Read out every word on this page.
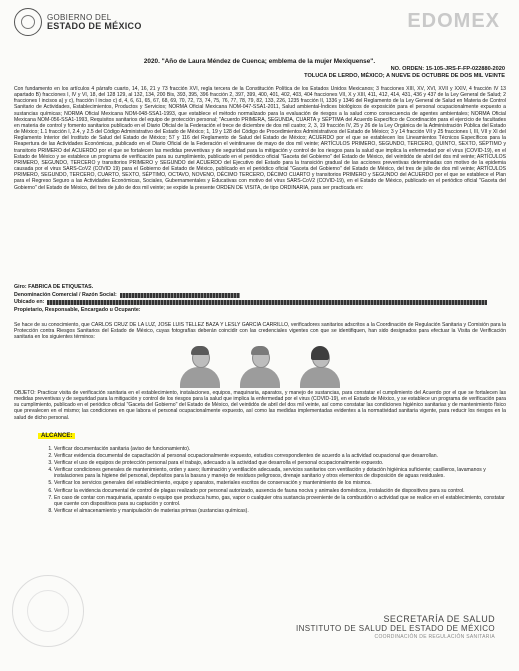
GOBIERNO DEL
ESTADO DE MÉXICO	EDOMEX
2020. "Año de Laura Méndez de Cuenca; emblema de la mujer Mexiquense".
NO. ORDEN: 15-105-JRS-F-FP-022880-2020
TOLUCA DE LERDO, MÉXICO; A NUEVE DE OCTUBRE DE DOS MIL VEINTE
Con fundamento en los artículos 4 párrafo cuarto, 14, 16, 21 y 73 fracción XVI, regla tercera de la Constitución Política de los Estados Unidos Mexicanos; 3 fracciones XIII, XV, XVI, XVII y XXIV, 4 fracción IV 13 apartado B) fracciones I, IV y VI, 18, del 128 129, al 132, 134, 200 Bis, 393, 395, 396 fracción 2, 397, 399, 400, 401, 402, 403, 404 fracciones VII, X y XIII, 411, 412, 414, 431, 436 y 437 de la Ley General de Salud; 2 fracciones I incisos a) y c), fracción I inciso c) d, 4, 6, 61, 65, 67, 68, 69, 70, 72, 73, 74, 75, 76, 77, 78, 79, 82, 133, 226, 1235 fracción II, 1336 y 1346 del Reglamento de la Ley General de Salud en Materia de Control Sanitario de Actividades, Establecimientos, Productos y Servicios; NORMA Oficial Mexicana NOM-047-SSA1-2011, Salud ambiental-Índices biológicos de exposición para el personal ocupacionalmente expuesto a sustancias químicas; NORMA Oficial Mexicana NOM-048-SSA1-1993, que establece el método normalizado para la evaluación de riesgos a la salud como consecuencia de agentes ambientales; NORMA Oficial Mexicana NOM-056-SSA1-1993, Requisitos sanitarios del equipo de protección personal; "Acuerdo PRIMERA, SEGUNDA, CUARTA y SÉPTIMA del Acuerdo Específico de Coordinación para el ejercicio de facultades en materia de control y fomento sanitarios publicado en el Diario Oficial de la Federación el trece de diciembre de dos mil cuatro; 2, 3, 19 fracción IV, 25 y 26 de la Ley Orgánica de la Administración Pública del Estado de México; 1.1 fracción I, 2.4, y 2.5 del Código Administrativo del Estado de México; 1, 19 y 128 del Código de Procedimientos Administrativos del Estado de México; 3 y 14 fracción VII y 25 fracciones I, III, VII y XI del Reglamento Interior del Instituto de Salud del Estado de México; 57 y 116 del Reglamento de Salud del Estado de México; ACUERDO por el que se establecen los Lineamientos Técnicos Específicos para la Reapertura de las Actividades Económicas, publicado en el Diario Oficial de la Federación el veintinueve de mayo de dos mil veinte; ARTÍCULOS PRIMERO, SEGUNDO, TERCERO, QUINTO, SEXTO, SÉPTIMO y transitorio PRIMERO del ACUERDO por el que se fortalecen las medidas preventivas y de seguridad para la mitigación y control de los riesgos para la salud que implica la enfermedad por el virus (COVID-19), en el Estado de México y se establece un programa de verificación para su cumplimiento, publicado en el periódico oficial "Gaceta del Gobierno" del Estado de México, del veintidós de abril del dos mil veinte; ARTÍCULOS PRIMERO, SEGUNDO, TERCERO y transitorios PRIMERO y SEGUNDO del ACUERDO del Ejecutivo del Estado para la transición gradual de las acciones preventivas determinadas con motivo de la epidemia causada por el virus SARS-CoV2 (COVID 19) para el Gobierno del Estado de México, publicado en el periódico oficial "Gaceta del Gobierno" del Estado de México, del tres de julio de dos mil veinte; ARTÍCULOS PRIMERO, SEGUNDO, TERCERO, CUARTO, SEXTO, SÉPTIMO, OCTAVO, NOVENO, DÉCIMO TERCERO, DÉCIMO CUARTO y transitorios PRIMERO y SEGUNDO del ACUERDO por el que se establece el Plan para el Regreso Seguro a las Actividades Económicas, Sociales, Gubernamentales y Educativas con motivo del virus SARS-CoV2 (COVID-19), en el Estado de México, publicado en el periódico oficial "Gaceta del Gobierno" del Estado de México, del tres de julio de dos mil veinte; se expide la presente ORDEN DE VISITA, de tipo ORDINARIA, para ser practicada en:
Giro: FABRICA DE ETIQUETAS.
Denominación Comercial / Razón Social:
Ubicado en:
Propietario, Responsable, Encargado u Ocupante:
Se hace de su conocimiento, que CARLOS CRUZ DE LA LUZ, JOSE LUIS TELLEZ BAZA Y LESLY GARCIA CARRILLO, verificadores sanitarios adscritos a la Coordinación de Regulación Sanitaria y Comisión para la Protección contra Riesgos Sanitarios del Estado de México, cuyas fotografías deberán coincidir con las credenciales vigentes con que se identifiquen, han sido designados para efectuar la Visita de Verificación sanitaria en los siguientes términos:
OBJETO: Practicar visita de verificación sanitaria en el establecimiento, instalaciones, equipos, maquinaria, aparatos, y manejo de sustancias, para constatar el cumplimiento del Acuerdo por el que se fortalecen las medidas preventivas y de seguridad para la mitigación y control de los riesgos para la salud que implica la enfermedad por el virus (COVID-19), en el Estado de México, y se establece un programa de verificación para su cumplimiento, publicado en el periódico oficial "Gaceta del Gobierno" del Estado de México, del veintidós de abril del dos mil veinte, así como constatar las condiciones higiénico sanitarias y de mantenimiento físico que prevalecen en el mismo; las condiciones en que labora el personal ocupacionalmente expuesto, así como las medidas implementadas evidentes a la normatividad sanitaria vigente, para reducir los riesgos en la salud de dicho personal.
ALCANCE:
1. Verificar documentación sanitaria (aviso de funcionamiento).
2. Verificar evidencia documental de capacitación al personal ocupacionalmente expuesto, estudios correspondientes de acuerdo a la actividad ocupacional que desarrollan.
3. Verificar el uso de equipos de protección personal para el trabajo, adecuado a la actividad que desarrolla el personal ocupacionalmente expuesto.
4. Verificar condiciones generales de mantenimiento, orden y aseo; iluminación y ventilación adecuada, servicios sanitarios con ventilación y dotación higiénica suficiente; casilleros, lavamanos y instalaciones para la higiene del personal, depósitos para la basura y manejo de residuos peligrosos, drenaje sanitario y otros elementos de disposición de aguas residuales.
5. Verificar los servicios generales del establecimiento, equipo y aparatos, materiales escritos de conservación y mantenimiento de los mismos.
6. Verificar la evidencia documental de control de plagas realizado por personal autorizado, ausencia de fauna nociva y animales domésticos, instalación de dispositivos para su control.
7. En caso de contar con maquinaria, aparato o equipo que produzca humo, gas, vapor o cualquier otra sustancia proveniente de la combustión o actividad que se realice en el establecimiento, constatar que cuente con dispositivos para su captación y control.
8. Verificar el almacenamiento y manipulación de materias primas (sustancias químicas).
SECRETARÍA DE SALUD
INSTITUTO DE SALUD DEL ESTADO DE MÉXICO
COORDINACIÓN DE REGULACIÓN SANITARIA
